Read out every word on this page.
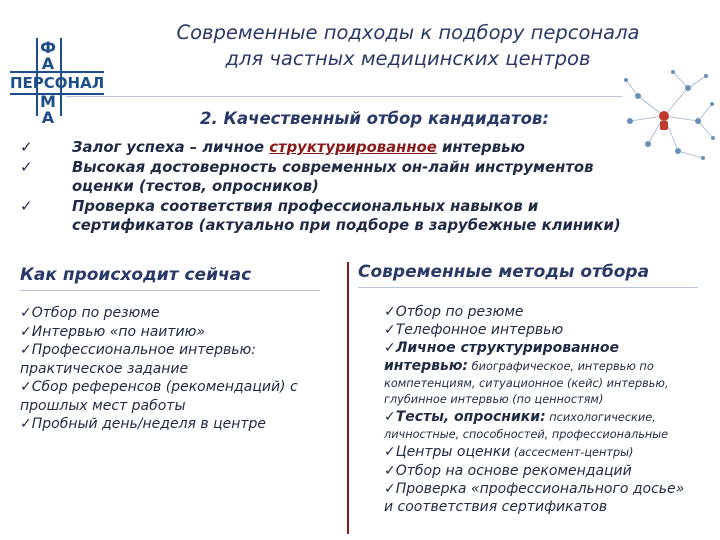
Ф
А
ПЕРСОНАЛ
М
А
Современные подходы к подбору персонала
для частных медицинских центров
2. Качественный отбор кандидатов:
✓	Залог успеха – личное структурированное интервью
✓	Высокая достоверность современных он-лайн инструментов
оценки (тестов, опросников)
✓	Проверка соответствия профессиональных навыков и
сертификатов (актуально при подборе в зарубежные клиники)
Как происходит сейчас	Современные методы отбора
✓Отбор по резюме
✓Интервью «по наитию»
✓Профессиональное интервью:
практическое задание
✓Сбор референсов (рекомендаций) с
прошлых мест работы
✓Пробный день/неделя в центре
✓Отбор по резюме
✓Телефонное интервью
✓Личное структурированное
интервью: биографическое, интервью по
компетенциям, ситуационное (кейс) интервью,
глубинное интервью (по ценностям)
✓Тесты, опросники: психологические,
личностные, способностей, профессиональные
✓Центры оценки (ассесмент-центры)
✓Отбор на основе рекомендаций
✓Проверка «профессионального досье»
и соответствия сертификатов
